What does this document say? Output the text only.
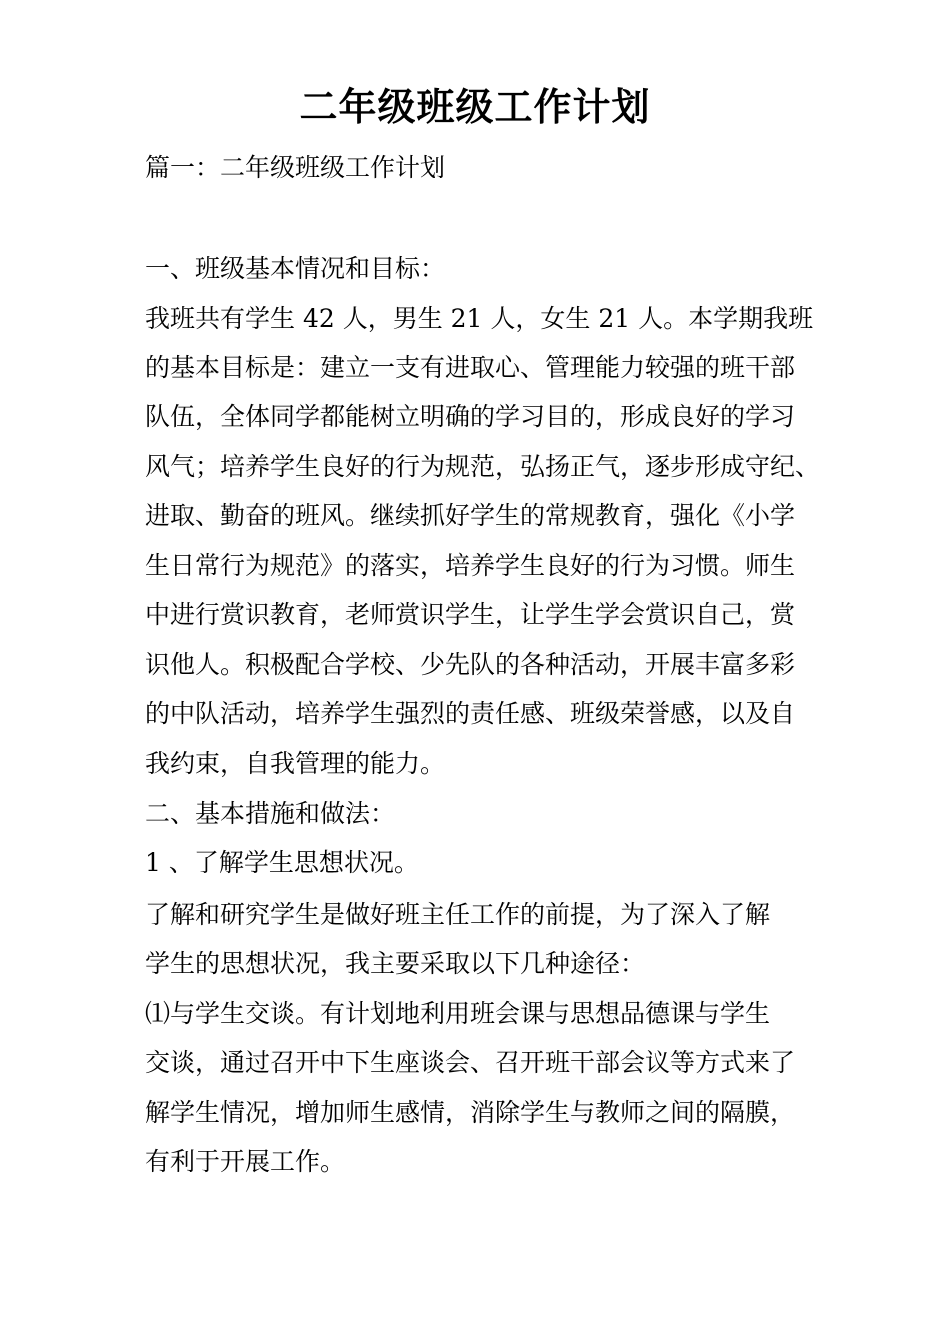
二年级班级工作计划
篇一：二年级班级工作计划
一、班级基本情况和目标：
我班共有学生 42 人，男生 21 人，女生 21 人。本学期我班
的基本目标是：建立一支有进取心、管理能力较强的班干部
队伍，全体同学都能树立明确的学习目的，形成良好的学习
风气；培养学生良好的行为规范，弘扬正气，逐步形成守纪、
进取、勤奋的班风。继续抓好学生的常规教育，强化《小学
生日常行为规范》的落实，培养学生良好的行为习惯。师生
中进行赏识教育，老师赏识学生，让学生学会赏识自己，赏
识他人。积极配合学校、少先队的各种活动，开展丰富多彩
的中队活动，培养学生强烈的责任感、班级荣誉感，以及自
我约束，自我管理的能力。
二、基本措施和做法：
1 、了解学生思想状况。
了解和研究学生是做好班主任工作的前提，为了深入了解
学生的思想状况，我主要采取以下几种途径：
⑴与学生交谈。有计划地利用班会课与思想品德课与学生
交谈，通过召开中下生座谈会、召开班干部会议等方式来了
解学生情况，增加师生感情，消除学生与教师之间的隔膜，
有利于开展工作。
